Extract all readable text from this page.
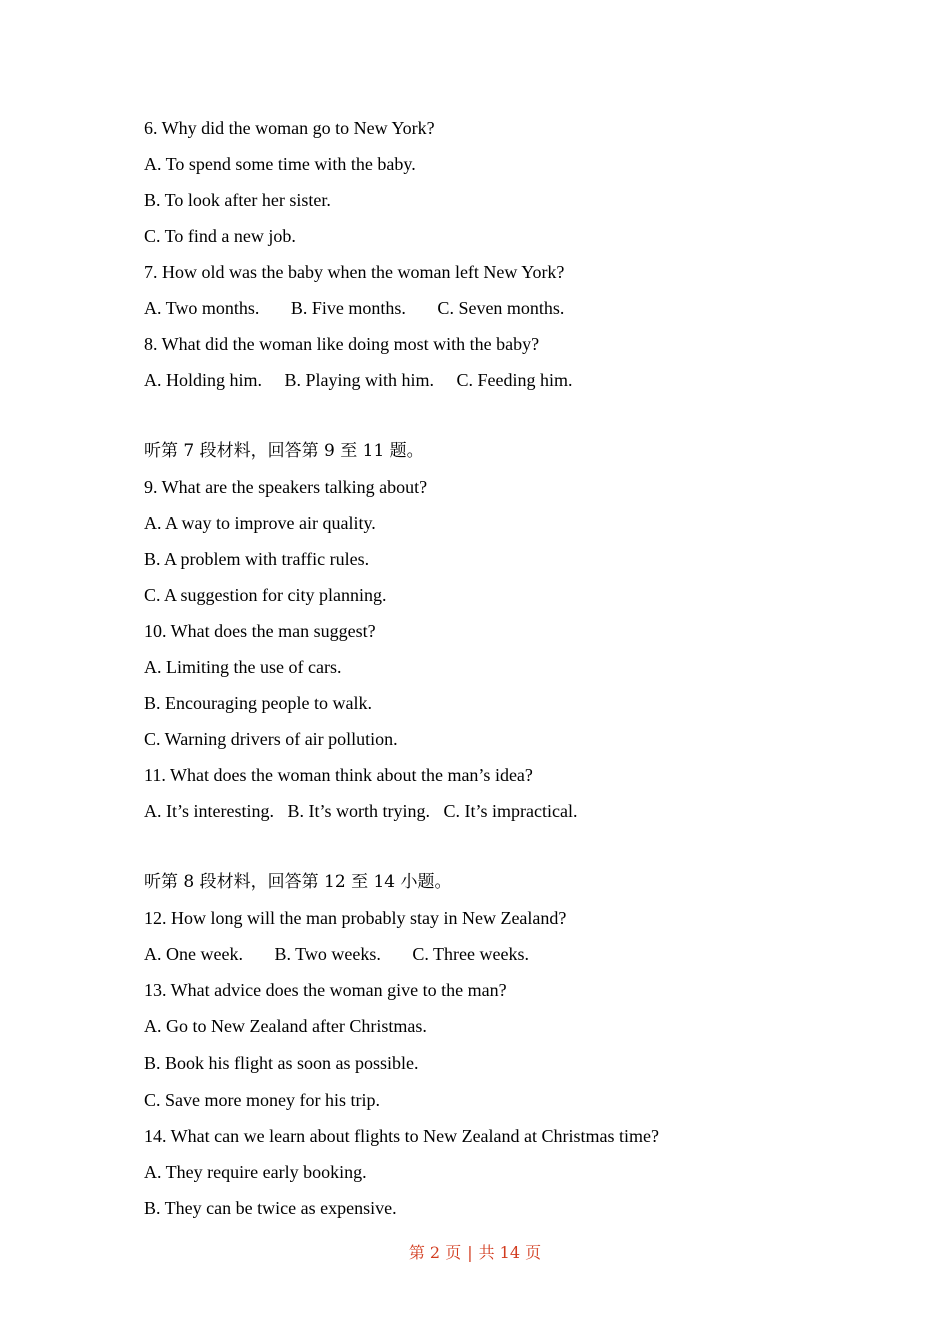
6. Why did the woman go to New York?
A. To spend some time with the baby.
B. To look after her sister.
C. To find a new job.
7. How old was the baby when the woman left New York?
A. Two months.       B. Five months.       C. Seven months.
8. What did the woman like doing most with the baby?
A. Holding him.     B. Playing with him.     C. Feeding him.
听第 7 段材料，回答第 9 至 11 题。
9. What are the speakers talking about?
A. A way to improve air quality.
B. A problem with traffic rules.
C. A suggestion for city planning.
10. What does the man suggest?
A. Limiting the use of cars.
B. Encouraging people to walk.
C. Warning drivers of air pollution.
11. What does the woman think about the man’s idea?
A. It’s interesting.   B. It’s worth trying.   C. It’s impractical.
听第 8 段材料，回答第 12 至 14 小题。
12. How long will the man probably stay in New Zealand?
A. One week.       B. Two weeks.       C. Three weeks.
13. What advice does the woman give to the man?
A. Go to New Zealand after Christmas.
B. Book his flight as soon as possible.
C. Save more money for his trip.
14. What can we learn about flights to New Zealand at Christmas time?
A. They require early booking.
B. They can be twice as expensive.
第 2 页 | 共 14 页
